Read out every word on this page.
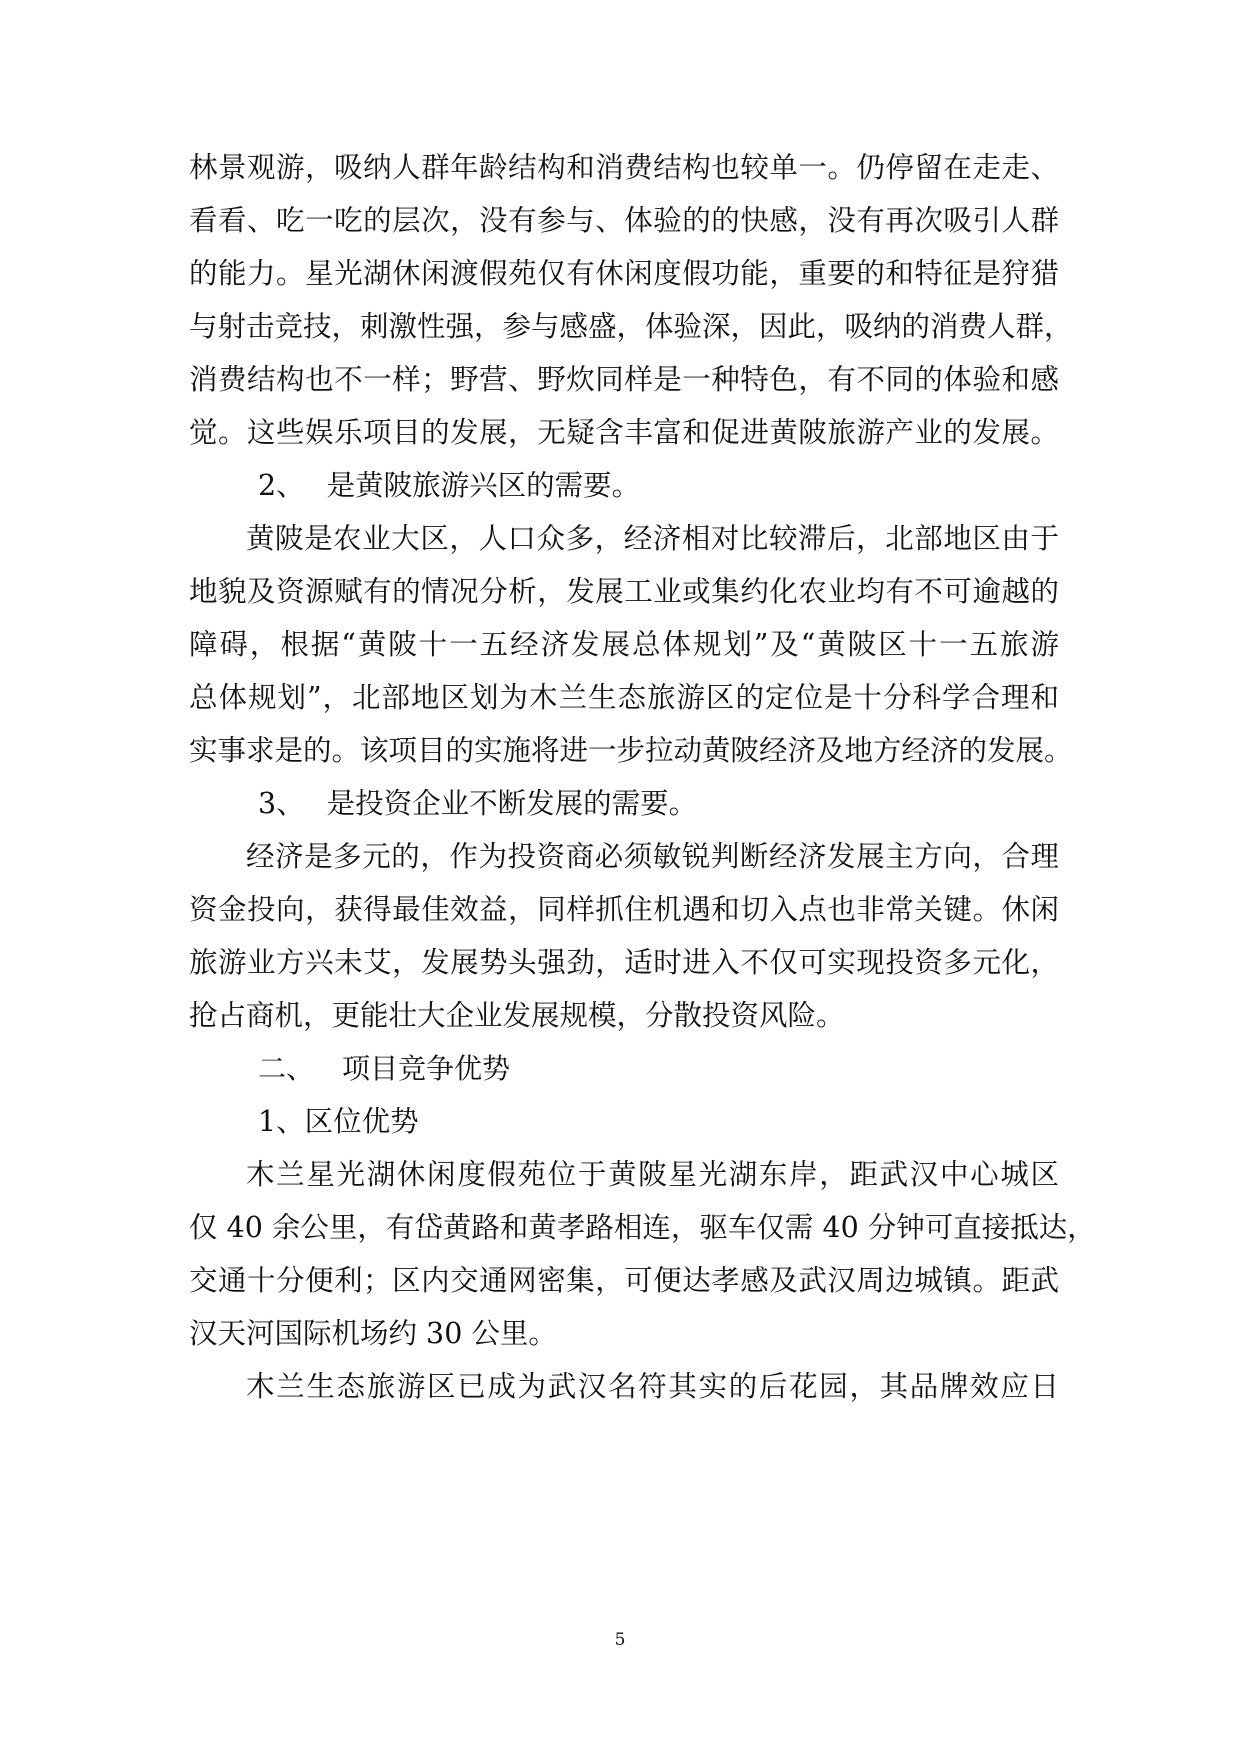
林景观游，吸纳人群年龄结构和消费结构也较单一。仍停留在走走、
看看、吃一吃的层次，没有参与、体验的的快感，没有再次吸引人群
的能力。星光湖休闲渡假苑仅有休闲度假功能，重要的和特征是狩猎
与射击竞技，刺激性强，参与感盛，体验深，因此，吸纳的消费人群，
消费结构也不一样；野营、野炊同样是一种特色，有不同的体验和感
觉。这些娱乐项目的发展，无疑含丰富和促进黄陂旅游产业的发展。
2、 是黄陂旅游兴区的需要。
黄陂是农业大区，人口众多，经济相对比较滞后，北部地区由于
地貌及资源赋有的情况分析，发展工业或集约化农业均有不可逾越的
障碍，根据“黄陂十一五经济发展总体规划”及“黄陂区十一五旅游
总体规划”，北部地区划为木兰生态旅游区的定位是十分科学合理和
实事求是的。该项目的实施将进一步拉动黄陂经济及地方经济的发展。
3、 是投资企业不断发展的需要。
经济是多元的，作为投资商必须敏锐判断经济发展主方向，合理
资金投向，获得最佳效益，同样抓住机遇和切入点也非常关键。休闲
旅游业方兴未艾，发展势头强劲，适时进入不仅可实现投资多元化，
抢占商机，更能壮大企业发展规模，分散投资风险。
二、 项目竞争优势
1、区位优势
木兰星光湖休闲度假苑位于黄陂星光湖东岸，距武汉中心城区
仅 40 余公里，有岱黄路和黄孝路相连，驱车仅需 40 分钟可直接抵达，
交通十分便利；区内交通网密集，可便达孝感及武汉周边城镇。距武
汉天河国际机场约 30 公里。
木兰生态旅游区已成为武汉名符其实的后花园，其品牌效应日
5
